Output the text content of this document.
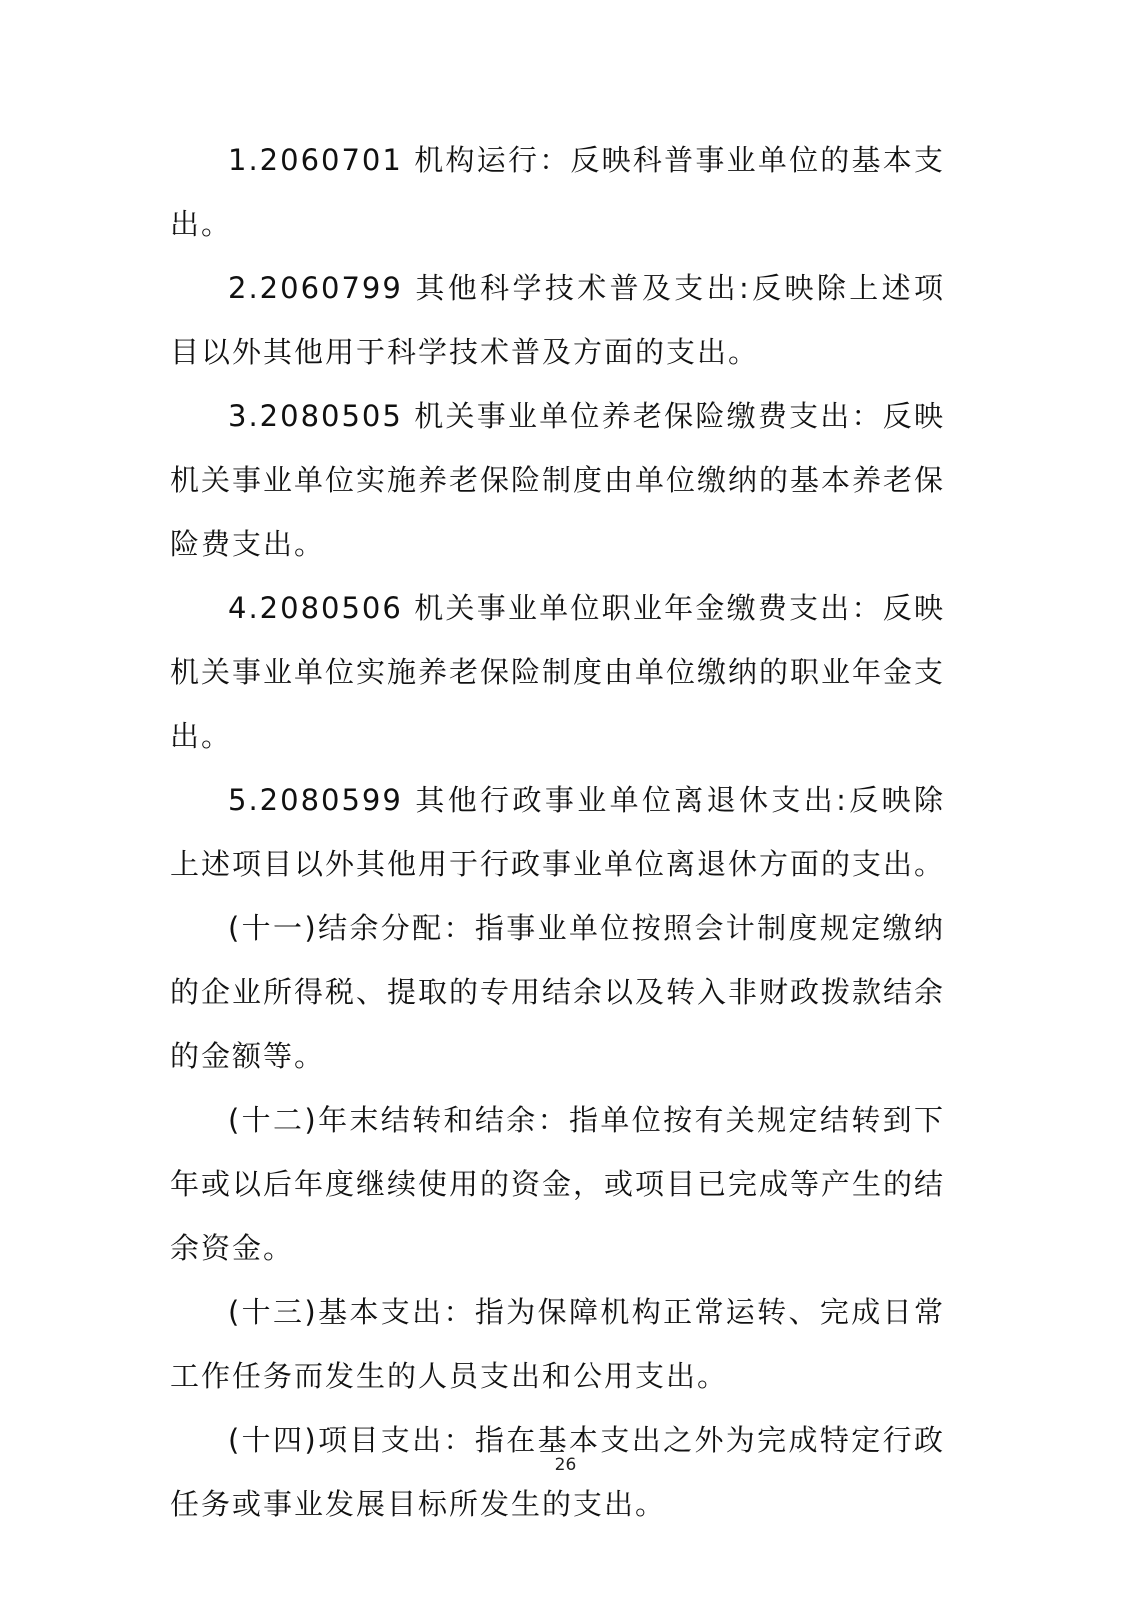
1.2060701 机构运行：反映科普事业单位的基本支出。

2.2060799 其他科学技术普及支出:反映除上述项目以外其他用于科学技术普及方面的支出。

3.2080505 机关事业单位养老保险缴费支出：反映机关事业单位实施养老保险制度由单位缴纳的基本养老保险费支出。

4.2080506 机关事业单位职业年金缴费支出：反映机关事业单位实施养老保险制度由单位缴纳的职业年金支出。

5.2080599 其他行政事业单位离退休支出:反映除上述项目以外其他用于行政事业单位离退休方面的支出。

(十一)结余分配：指事业单位按照会计制度规定缴纳的企业所得税、提取的专用结余以及转入非财政拨款结余的金额等。

(十二)年末结转和结余：指单位按有关规定结转到下年或以后年度继续使用的资金，或项目已完成等产生的结余资金。

(十三)基本支出：指为保障机构正常运转、完成日常工作任务而发生的人员支出和公用支出。

(十四)项目支出：指在基本支出之外为完成特定行政任务或事业发展目标所发生的支出。

26
